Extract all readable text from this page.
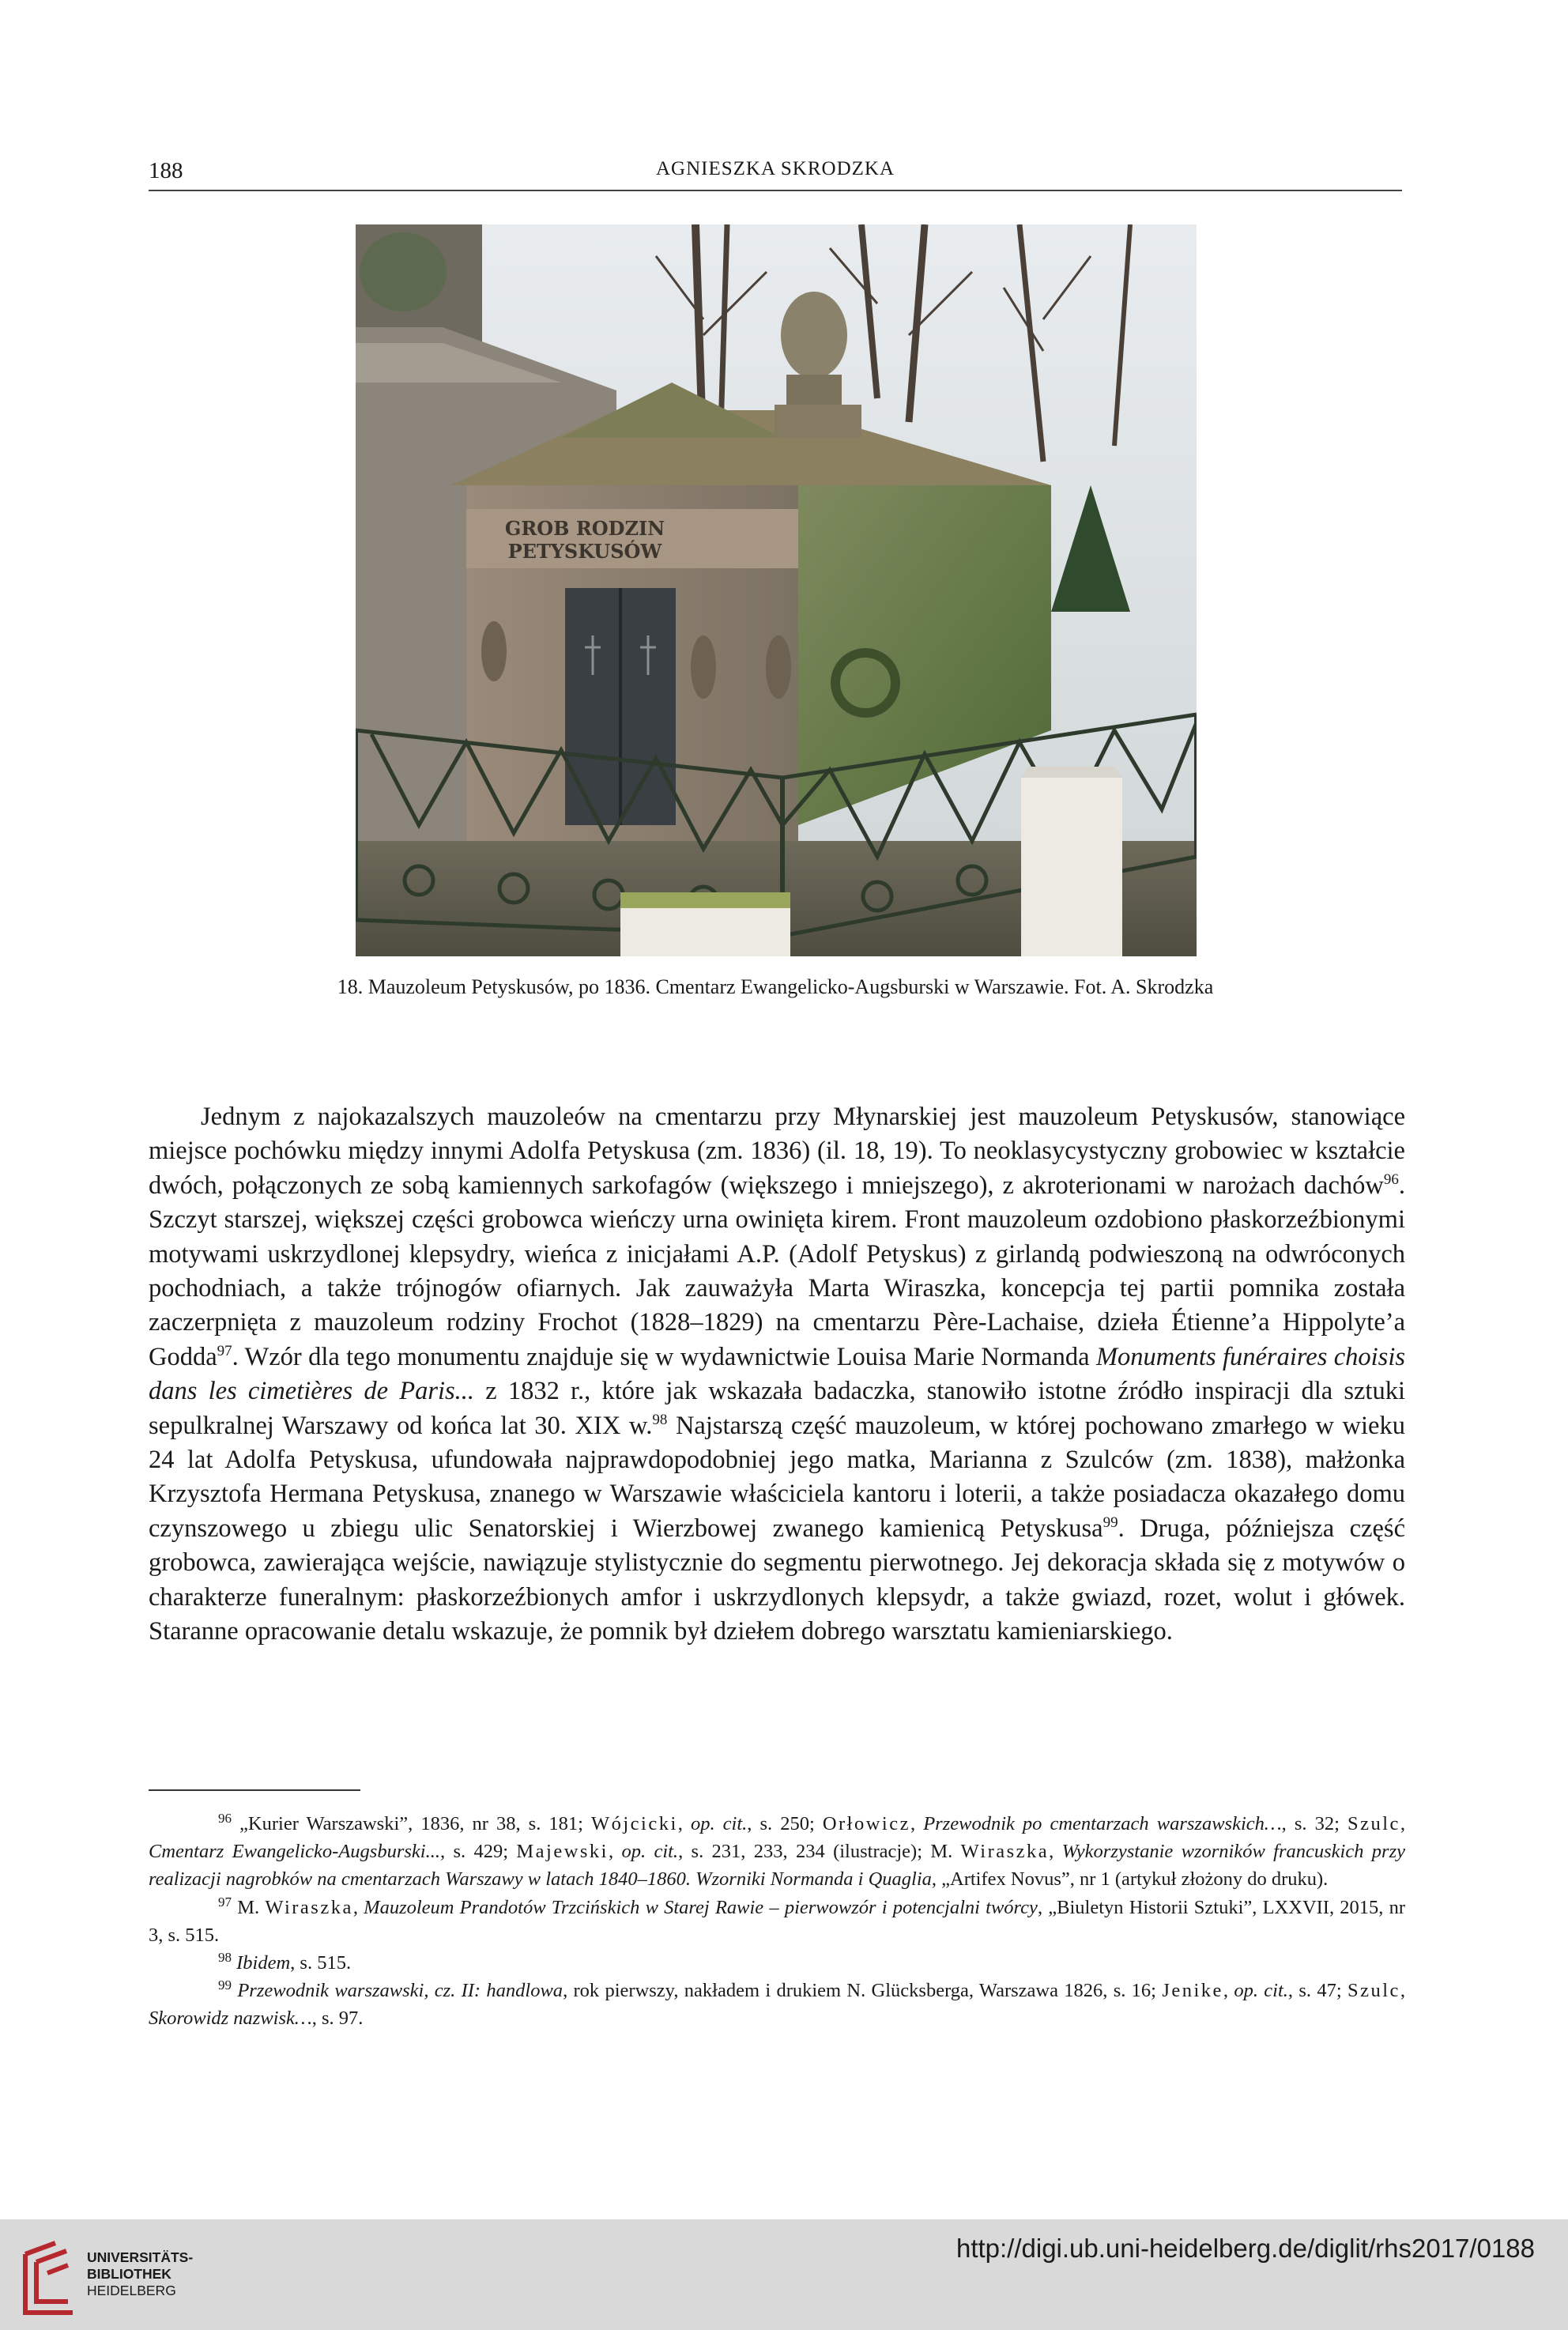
188	AGNIESZKA SKRODZKA
GROB RODZIN
PETYSKUSÓW
18. Mauzoleum Petyskusów, po 1836. Cmentarz Ewangelicko-Augsburski w Warszawie. Fot. A. Skrodzka

Jednym z najokazalszych mauzoleów na cmentarzu przy Młynarskiej jest mauzoleum Petyskusów, stanowiące miejsce pochówku między innymi Adolfa Petyskusa (zm. 1836) (il. 18, 19). To neoklasycystyczny grobowiec w kształcie dwóch, połączonych ze sobą kamiennych sarkofagów (większego i mniejszego), z akroterionami w narożach dachów$^{96}$. Szczyt starszej, większej części grobowca wieńczy urna owinięta kirem. Front mauzoleum ozdobiono płaskorzeźbionymi motywami uskrzydlonej klepsydry, wieńca z inicjałami A.P. (Adolf Petyskus) z girlandą podwieszoną na odwróconych pochodniach, a także trójnogów ofiarnych. Jak zauważyła Marta Wiraszka, koncepcja tej partii pomnika została zaczerpnięta z mauzoleum rodziny Frochot (1828–1829) na cmentarzu Père-Lachaise, dzieła Étienne’a Hippolyte’a Godda$^{97}$. Wzór dla tego monumentu znajduje się w wydawnictwie Louisa Marie Normanda Monuments funéraires choisis dans les cimetières de Paris... z 1832 r., które jak wskazała badaczka, stanowiło istotne źródło inspiracji dla sztuki sepulkralnej Warszawy od końca lat 30. XIX w.$^{98}$ Najstarszą część mauzoleum, w której pochowano zmarłego w wieku 24 lat Adolfa Petyskusa, ufundowała najprawdopodobniej jego matka, Marianna z Szulców (zm. 1838), małżonka Krzysztofa Hermana Petyskusa, znanego w Warszawie właściciela kantoru i loterii, a także posiadacza okazałego domu czynszowego u zbiegu ulic Senatorskiej i Wierzbowej zwanego kamienicą Petyskusa$^{99}$. Druga, późniejsza część grobowca, zawierająca wejście, nawiązuje stylistycznie do segmentu pierwotnego. Jej dekoracja składa się z motywów o charakterze funeralnym: płaskorzeźbionych amfor i uskrzydlonych klepsydr, a także gwiazd, rozet, wolut i główek. Staranne opracowanie detalu wskazuje, że pomnik był dziełem dobrego warsztatu kamieniarskiego.

$^{96}$ „Kurier Warszawski”, 1836, nr 38, s. 181; Wójcicki, op. cit., s. 250; Orłowicz, Przewodnik po cmentarzach warszawskich…, s. 32; Szulc, Cmentarz Ewangelicko-Augsburski..., s. 429; Majewski, op. cit., s. 231, 233, 234 (ilustracje); M. Wiraszka, Wykorzystanie wzorników francuskich przy realizacji nagrobków na cmentarzach Warszawy w latach 1840–1860. Wzorniki Normanda i Quaglia, „Artifex Novus”, nr 1 (artykuł złożony do druku).

$^{97}$ M. Wiraszka, Mauzoleum Prandotów Trzcińskich w Starej Rawie – pierwowzór i potencjalni twórcy, „Biuletyn Historii Sztuki”, LXXVII, 2015, nr 3, s. 515.

$^{98}$ Ibidem, s. 515.

$^{99}$ Przewodnik warszawski, cz. II: handlowa, rok pierwszy, nakładem i drukiem N. Glücksberga, Warszawa 1826, s. 16; Jenike, op. cit., s. 47; Szulc, Skorowidz nazwisk…, s. 97.

UNIVERSITÄTS-
BIBLIOTHEK
HEIDELBERG
http://digi.ub.uni-heidelberg.de/diglit/rhs2017/0188
